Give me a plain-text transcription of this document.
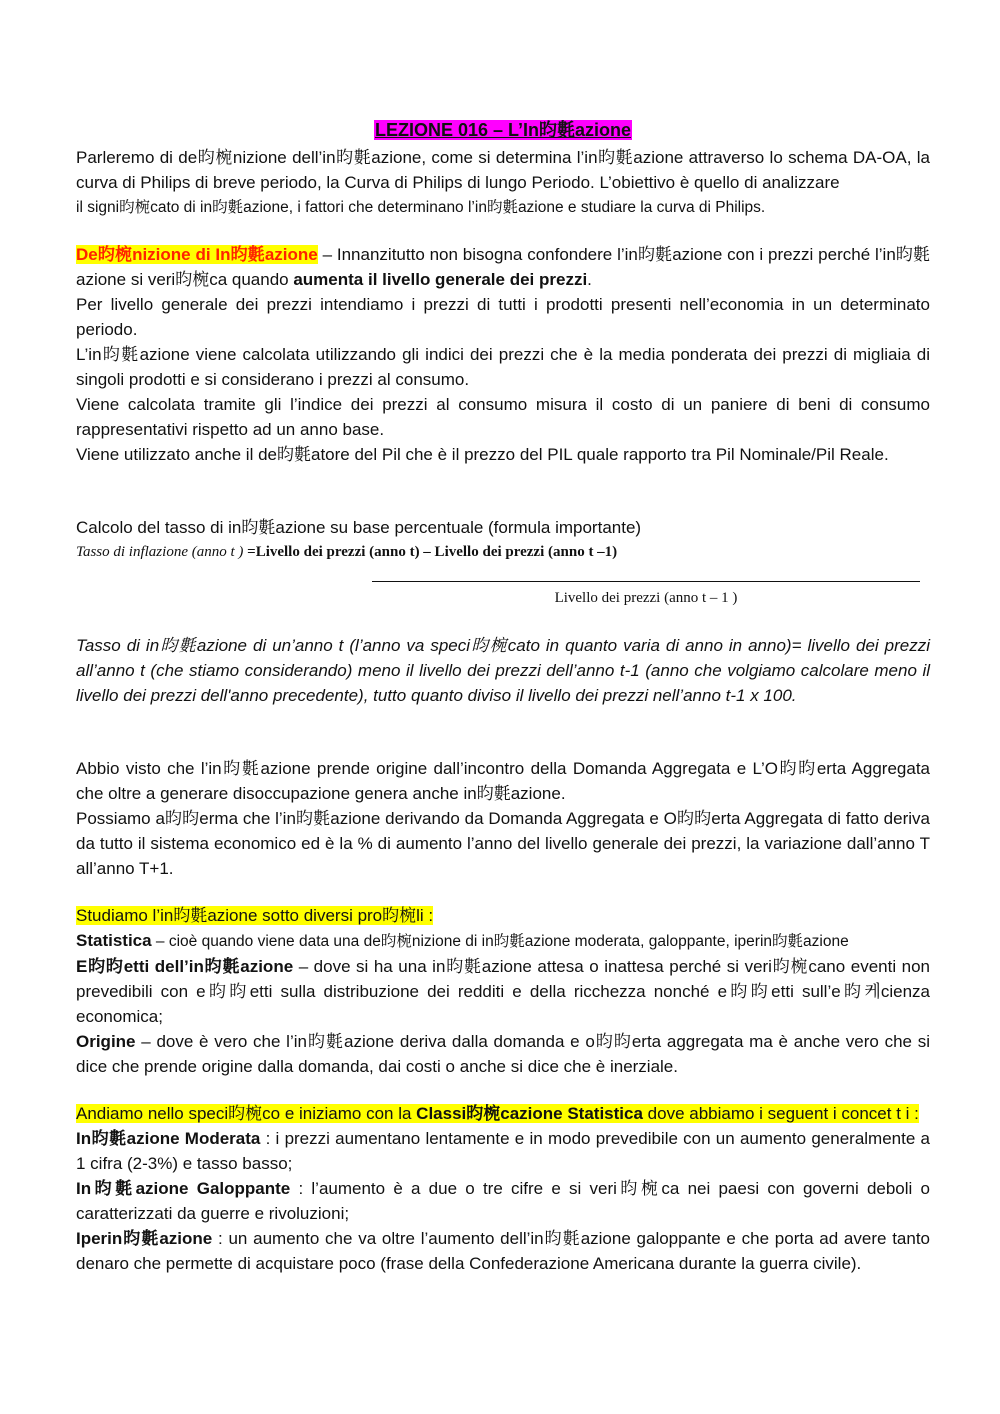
LEZIONE 016 – L’In昀氀azione

Parleremo di de昀椀nizione dell’in昀氀azione, come si determina l’in昀氀azione attraverso lo schema DA-OA, la curva di Philips di breve periodo, la Curva di Philips di lungo Periodo. L’obiettivo è quello di analizzare

il signi昀椀cato di in昀氀azione, i fattori che determinano l’in昀氀azione e studiare la curva di Philips.

De昀椀nizione di In昀氀azione – Innanzitutto non bisogna confondere l’in昀氀azione con i prezzi perché l’in昀氀azione si veri昀椀ca quando aumenta il livello generale dei prezzi.

Per livello generale dei prezzi intendiamo i prezzi di tutti i prodotti presenti nell’economia in un determinato periodo.

L’in昀氀azione viene calcolata utilizzando gli indici dei prezzi che è la media ponderata dei prezzi di migliaia di singoli prodotti e si considerano i prezzi al consumo.

Viene calcolata tramite gli l’indice dei prezzi al consumo misura il costo di un paniere di beni di consumo rappresentativi rispetto ad un anno base.

Viene utilizzato anche il de昀氀atore del Pil che è il prezzo del PIL quale rapporto tra Pil Nominale/Pil Reale.

Calcolo del tasso di in昀氀azione su base percentuale (formula importante)

Tasso di inflazione (anno t ) =Livello dei prezzi (anno t) – Livello dei prezzi (anno t –1)

Livello dei prezzi (anno t – 1 )

Tasso di in昀氀azione di un’anno t (l’anno va speci昀椀cato in quanto varia di anno in anno)= livello dei prezzi all’anno t (che stiamo considerando) meno il livello dei prezzi dell’anno t-1 (anno che volgiamo calcolare meno il livello dei prezzi dell'anno precedente), tutto quanto diviso il livello dei prezzi nell’anno t-1 x 100.

Abbio visto che l’in昀氀azione prende origine dall’incontro della Domanda Aggregata e L’O昀昀erta Aggregata che oltre a generare disoccupazione genera anche in昀氀azione.

Possiamo a昀昀erma che l’in昀氀azione derivando da Domanda Aggregata e O昀昀erta Aggregata di fatto deriva da tutto il sistema economico ed è la % di aumento l’anno del livello generale dei prezzi, la variazione dall’anno T all’anno T+1.

Studiamo l’in昀氀azione sotto diversi pro昀椀li :

Statistica – cioè quando viene data una de昀椀nizione di in昀氀azione moderata, galoppante, iperin昀氀azione

E昀昀etti dell’in昀氀azione – dove si ha una in昀氀azione attesa o inattesa perché si veri昀椀cano eventi non prevedibili con e昀昀etti sulla distribuzione dei redditi e della ricchezza nonché e昀昀etti sull’e昀케cienza economica;

Origine – dove è vero che l’in昀氀azione deriva dalla domanda e o昀昀erta aggregata ma è anche vero che si dice che prende origine dalla domanda, dai costi o anche si dice che è inerziale.

Andiamo nello speci昀椀co e iniziamo con la Classi昀椀cazione Statistica dove abbiamo i seguent i concet t i :

In昀氀azione Moderata : i prezzi aumentano lentamente e in modo prevedibile con un aumento generalmente a 1 cifra (2-3%) e tasso basso;

In昀氀azione Galoppante : l’aumento è a due o tre cifre e si veri昀椀ca nei paesi con governi deboli o caratterizzati da guerre e rivoluzioni;

Iperin昀氀azione : un aumento che va oltre l’aumento dell’in昀氀azione galoppante e che porta ad avere tanto denaro che permette di acquistare poco (frase della Confederazione Americana durante la guerra civile).
